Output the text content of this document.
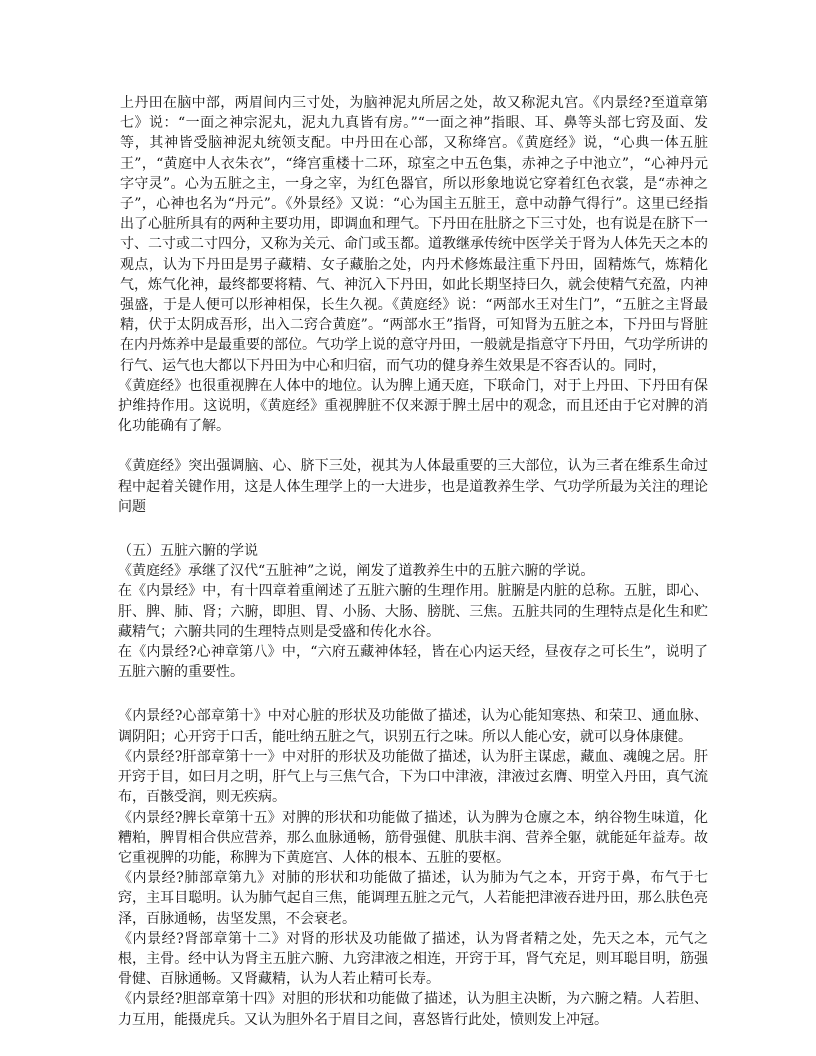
上丹田在脑中部，两眉间内三寸处，为脑神泥丸所居之处，故又称泥丸宫。《内景经?至道章第七》说：“一面之神宗泥丸，泥丸九真皆有房。”“一面之神”指眼、耳、鼻等头部七窍及面、发等，其神皆受脑神泥丸统领支配。中丹田在心部，又称绛宫。《黄庭经》说，“心典一体五脏王”，“黄庭中人衣朱衣”，“绛宫重楼十二环，琼室之中五色集，赤神之子中池立”，“心神丹元字守灵”。心为五脏之主，一身之宰，为红色器官，所以形象地说它穿着红色衣裳，是“赤神之子”，心神也名为“丹元”。《外景经》又说：“心为国主五脏王，意中动静气得行”。这里已经指出了心脏所具有的两种主要功用，即调血和理气。下丹田在肚脐之下三寸处，也有说是在脐下一寸、二寸或二寸四分，又称为关元、命门或玉都。道教继承传统中医学关于肾为人体先天之本的观点，认为下丹田是男子藏精、女子藏胎之处，内丹术修炼最注重下丹田，固精炼气，炼精化气，炼气化神，最终都要将精、气、神沉入下丹田，如此长期坚持曰久，就会使精气充盈，内神强盛，于是人便可以形神相保，长生久视。《黄庭经》说：“两部水王对生门”，“五脏之主肾最精，伏于太阴成吾形，出入二窍合黄庭”。“两部水王”指肾，可知肾为五脏之本，下丹田与肾脏在内丹炼养中是最重要的部位。气功学上说的意守丹田，一般就是指意守下丹田，气功学所讲的行气、运气也大都以下丹田为中心和归宿，而气功的健身养生效果是不容否认的。同时，

《黄庭经》也很重视脾在人体中的地位。认为脾上通天庭，下联命门，对于上丹田、下丹田有保护维持作用。这说明，《黄庭经》重视脾脏不仅来源于脾土居中的观念，而且还由于它对脾的消化功能确有了解。

《黄庭经》突出强调脑、心、脐下三处，视其为人体最重要的三大部位，认为三者在维系生命过程中起着关键作用，这是人体生理学上的一大进步，也是道教养生学、气功学所最为关注的理论问题

（五）五脏六腑的学说

《黄庭经》承继了汉代“五脏神”之说，阐发了道教养生中的五脏六腑的学说。

在《内景经》中，有十四章着重阐述了五脏六腑的生理作用。脏腑是内脏的总称。五脏，即心、肝、脾、肺、肾；六腑，即胆、胃、小肠、大肠、膀胱、三焦。五脏共同的生理特点是化生和贮藏精气；六腑共同的生理特点则是受盛和传化水谷。

在《内景经?心神章第八》中，“六府五藏神体轻，皆在心内运天经，昼夜存之可长生”，说明了五脏六腑的重要性。

《内景经?心部章第十》中对心脏的形状及功能做了描述，认为心能知寒热、和荣卫、通血脉、调阴阳；心开窍于口舌，能吐纳五脏之气，识别五行之味。所以人能心安，就可以身体康健。

《内景经?肝部章第十一》中对肝的形状及功能做了描述，认为肝主谋虑，藏血、魂魄之居。肝开窍于目，如曰月之明，肝气上与三焦气合，下为口中津液，津液过玄膺、明堂入丹田，真气流布，百骸受润，则无疾病。

《内景经?脾长章第十五》对脾的形状和功能做了描述，认为脾为仓廪之本，纳谷物生味道，化糟粕，脾胃相合供应营养，那么血脉通畅，筋骨强健、肌肤丰润、营养全躯，就能延年益寿。故它重视脾的功能，称脾为下黄庭宫、人体的根本、五脏的要枢。

《内景经?肺部章第九》对肺的形状和功能做了描述，认为肺为气之本，开窍于鼻，布气于七窍，主耳目聪明。认为肺气起自三焦，能调理五脏之元气，人若能把津液吞进丹田，那么肤色亮泽，百脉通畅，齿坚发黑，不会衰老。

《内景经?肾部章第十二》对肾的形状及功能做了描述，认为肾者精之处，先天之本，元气之根，主骨。经中认为肾主五脏六腑、九窍津液之相连，开窍于耳，肾气充足，则耳聪目明，筋强骨健、百脉通畅。又肾藏精，认为人若止精可长寿。

《内景经?胆部章第十四》对胆的形状和功能做了描述，认为胆主决断，为六腑之精。人若胆、力互用，能摄虎兵。又认为胆外名于眉目之间，喜怒皆行此处，愤则发上冲冠。
